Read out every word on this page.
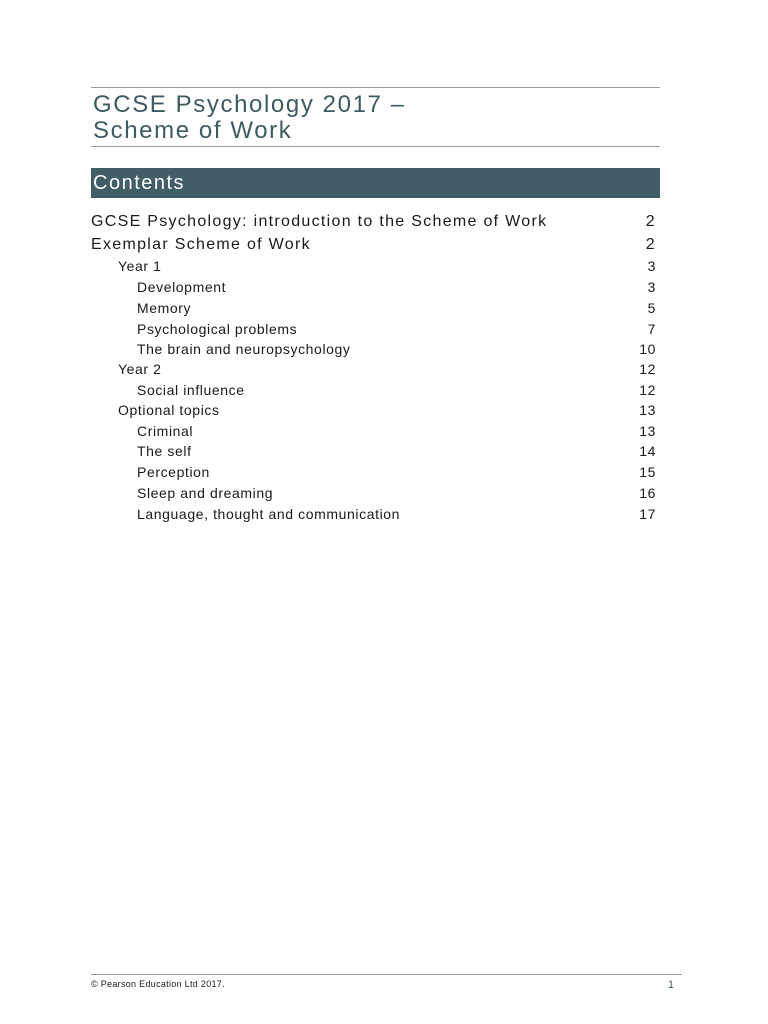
GCSE Psychology 2017 –
Scheme of Work
Contents
GCSE Psychology: introduction to the Scheme of Work	2
Exemplar Scheme of Work	2
Year 1	3
Development	3
Memory	5
Psychological problems	7
The brain and neuropsychology	10
Year 2	12
Social influence	12
Optional topics	13
Criminal	13
The self	14
Perception	15
Sleep and dreaming	16
Language, thought and communication	17
© Pearson Education Ltd 2017.	1
